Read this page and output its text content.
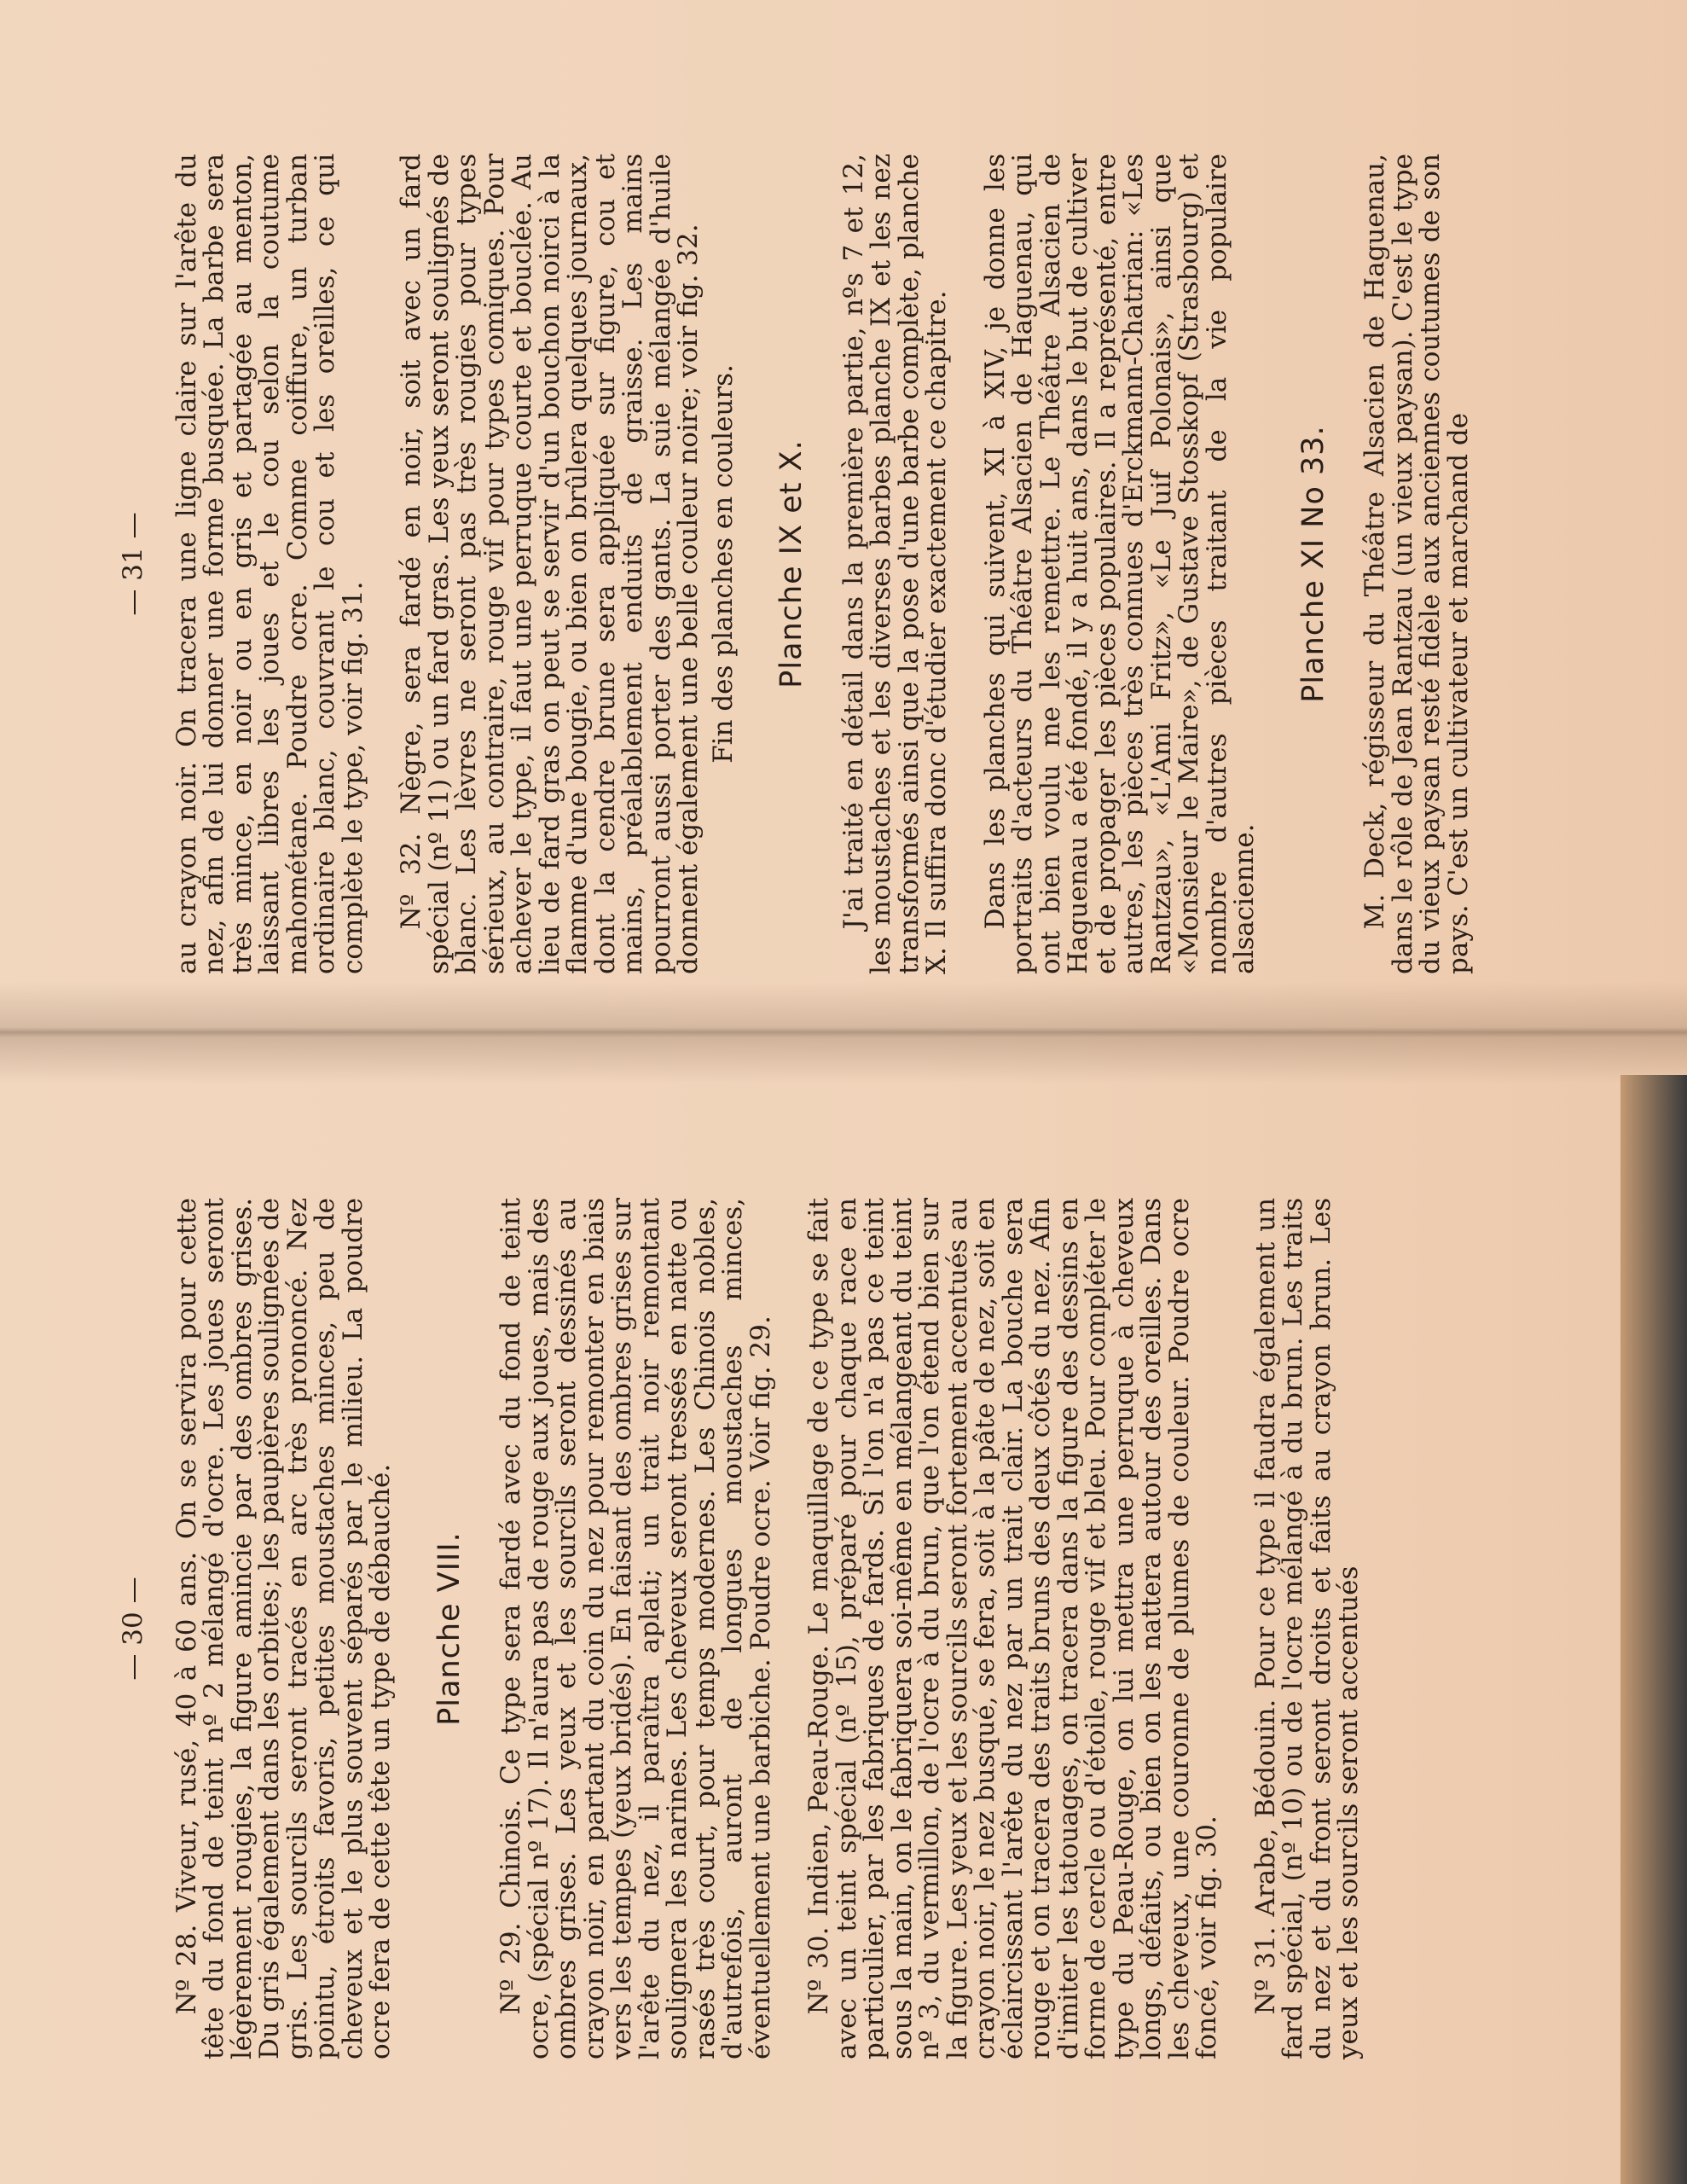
— 30 — Nº 28. Viveur, rusé, 40 à 60 ans. On se servira pour cette tête du fond de teint nº 2 mélangé d'ocre. Les joues seront légèrement rougies, la figure amincie par des ombres grises. Du gris également dans les orbites; les paupières soulignées de gris. Les sourcils seront tracés en arc très prononcé. Nez pointu, étroits favoris, petites moustaches minces, peu de cheveux et le plus souvent séparés par le milieu. La poudre ocre fera de cette tête un type de débauché. Planche VIII. Nº 29. Chinois. Ce type sera fardé avec du fond de teint ocre, (spécial nº 17). Il n'aura pas de rouge aux joues, mais des ombres grises. Les yeux et les sourcils seront dessinés au crayon noir, en partant du coin du nez pour remonter en biais vers les tempes (yeux bridés). En faisant des ombres grises sur l'arête du nez, il paraîtra aplati; un trait noir remontant soulignera les narines. Les cheveux seront tressés en natte ou rasés très court, pour temps modernes. Les Chinois nobles, d'autrefois, auront de longues moustaches minces, éventuellement une barbiche. Poudre ocre. Voir fig. 29. Nº 30. Indien, Peau-Rouge. Le maquillage de ce type se fait avec un teint spécial (nº 15), préparé pour chaque race en particulier, par les fabriques de fards. Si l'on n'a pas ce teint sous la main, on le fabriquera soi-même en mélangeant du teint nº 3, du vermillon, de l'ocre à du brun, que l'on étend bien sur la figure. Les yeux et les sourcils seront fortement accentués au crayon noir, le nez busqué, se fera, soit à la pâte de nez, soit en éclaircissant l'arête du nez par un trait clair. La bouche sera rouge et on tracera des traits bruns des deux côtés du nez. Afin d'imiter les tatouages, on tracera dans la figure des dessins en forme de cercle ou d'étoile, rouge vif et bleu. Pour compléter le type du Peau-Rouge, on lui mettra une perruque à cheveux longs, défaits, ou bien on les nattera autour des oreilles. Dans les cheveux, une couronne de plumes de couleur. Poudre ocre foncé, voir fig. 30. Nº 31. Arabe, Bédouin. Pour ce type il faudra également un fard spécial, (nº 10) ou de l'ocre mélangé à du brun. Les traits du nez et du front seront droits et faits au crayon brun. Les yeux et les sourcils seront accentués

— 31 — au crayon noir. On tracera une ligne claire sur l'arête du nez, afin de lui donner une forme busquée. La barbe sera très mince, en noir ou en gris et partagée au menton, laissant libres les joues et le cou selon la coutume mahométane. Poudre ocre. Comme coiffure, un turban ordinaire blanc, couvrant le cou et les oreilles, ce qui complète le type, voir fig. 31. Nº 32. Nègre, sera fardé en noir, soit avec un fard spécial (nº 11) ou un fard gras. Les yeux seront soulignés de blanc. Les lèvres ne seront pas très rougies pour types sérieux, au contraire, rouge vif pour types comiques. Pour achever le type, il faut une perruque courte et bouclée. Au lieu de fard gras on peut se servir d'un bouchon noirci à la flamme d'une bougie, ou bien on brûlera quelques journaux, dont la cendre brune sera appliquée sur figure, cou et mains, préalablement enduits de graisse. Les mains pourront aussi porter des gants. La suie mélangée d'huile donnent également une belle couleur noire; voir fig. 32. Fin des planches en couleurs. Planche IX et X. J'ai traité en détail dans la première partie, nºs 7 et 12, les moustaches et les diverses barbes planche IX et les nez transformés ainsi que la pose d'une barbe complète, planche X. Il suffira donc d'étudier exactement ce chapitre. Dans les planches qui suivent, XI à XIV, je donne les portraits d'acteurs du Théâtre Alsacien de Haguenau, qui ont bien voulu me les remettre. Le Théâtre Alsacien de Haguenau a été fondé, il y a huit ans, dans le but de cultiver et de propager les pièces populaires. Il a représenté, entre autres, les pièces très connues d'Erckmann-Chatrian: «Les Rantzau», «L'Ami Fritz», «Le Juif Polonais», ainsi que «Monsieur le Maire», de Gustave Stosskopf (Strasbourg) et nombre d'autres pièces traitant de la vie populaire alsacienne.

Planche XI No 33. M. Deck, régisseur du Théâtre Alsacien de Haguenau, dans le rôle de Jean Rantzau (un vieux paysan). C'est le type du vieux paysan resté fidèle aux anciennes coutumes de son pays. C'est un cultivateur et marchand de
